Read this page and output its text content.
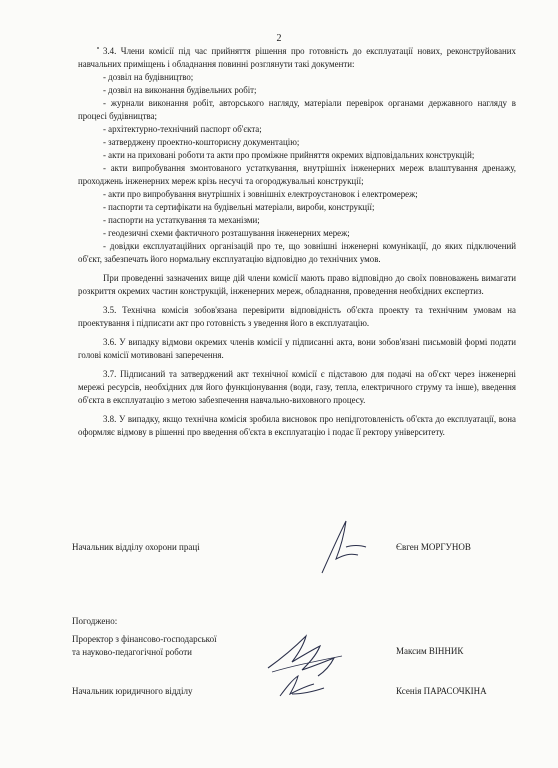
2

3.4. Члени комісії під час прийняття рішення про готовність до експлуатації нових, реконструйованих навчальних приміщень і обладнання повинні розглянути такі документи:

- дозвіл на будівництво;

- дозвіл на виконання будівельних робіт;

- журнали виконання робіт, авторського нагляду, матеріали перевірок органами державного нагляду в процесі будівництва;

- архітектурно-технічний паспорт об'єкта;

- затверджену проектно-кошторисну документацію;

- акти на приховані роботи та акти про проміжне прийняття окремих відповідальних конструкцій;

- акти випробування змонтованого устаткування, внутрішніх інженерних мереж влаштування дренажу, проходжень інженерних мереж крізь несучі та огороджувальні конструкції;

- акти про випробування внутрішніх і зовнішніх електроустановок і електромереж;

- паспорти та сертифікати на будівельні матеріали, вироби, конструкції;

- паспорти на устаткування та механізми;

- геодезичні схеми фактичного розташування інженерних мереж;

- довідки експлуатаційних організацій про те, що зовнішні інженерні комунікації, до яких підключений об'єкт, забезпечать його нормальну експлуатацію відповідно до технічних умов.

При проведенні зазначених вище дій члени комісії мають право відповідно до своїх повноважень вимагати розкриття окремих частин конструкцій, інженерних мереж, обладнання, проведення необхідних експертиз.

3.5. Технічна комісія зобов'язана перевірити відповідність об'єкта проекту та технічним умовам на проектування і підписати акт про готовність з уведення його в експлуатацію.

3.6. У випадку відмови окремих членів комісії у підписанні акта, вони зобов'язані письмовій формі подати голові комісії мотивовані заперечення.

3.7. Підписаний та затверджений акт технічної комісії є підставою для подачі на об'єкт через інженерні мережі ресурсів, необхідних для його функціонування (води, газу, тепла, електричного струму та інше), введення об'єкта в експлуатацію з метою забезпечення навчально-виховного процесу.

3.8. У випадку, якщо технічна комісія зробила висновок про непідготовленість об'єкта до експлуатації, вона оформляє відмову в рішенні про введення об'єкта в експлуатацію і подає її ректору університету.

Начальник відділу охорони праці	Євген МОРГУНОВ
Погоджено:
Проректор з фінансово-господарської
та науково-педагогічної роботи	Максим ВІННИК
Начальник юридичного відділу	Ксенія ПАРАСОЧКІНА
